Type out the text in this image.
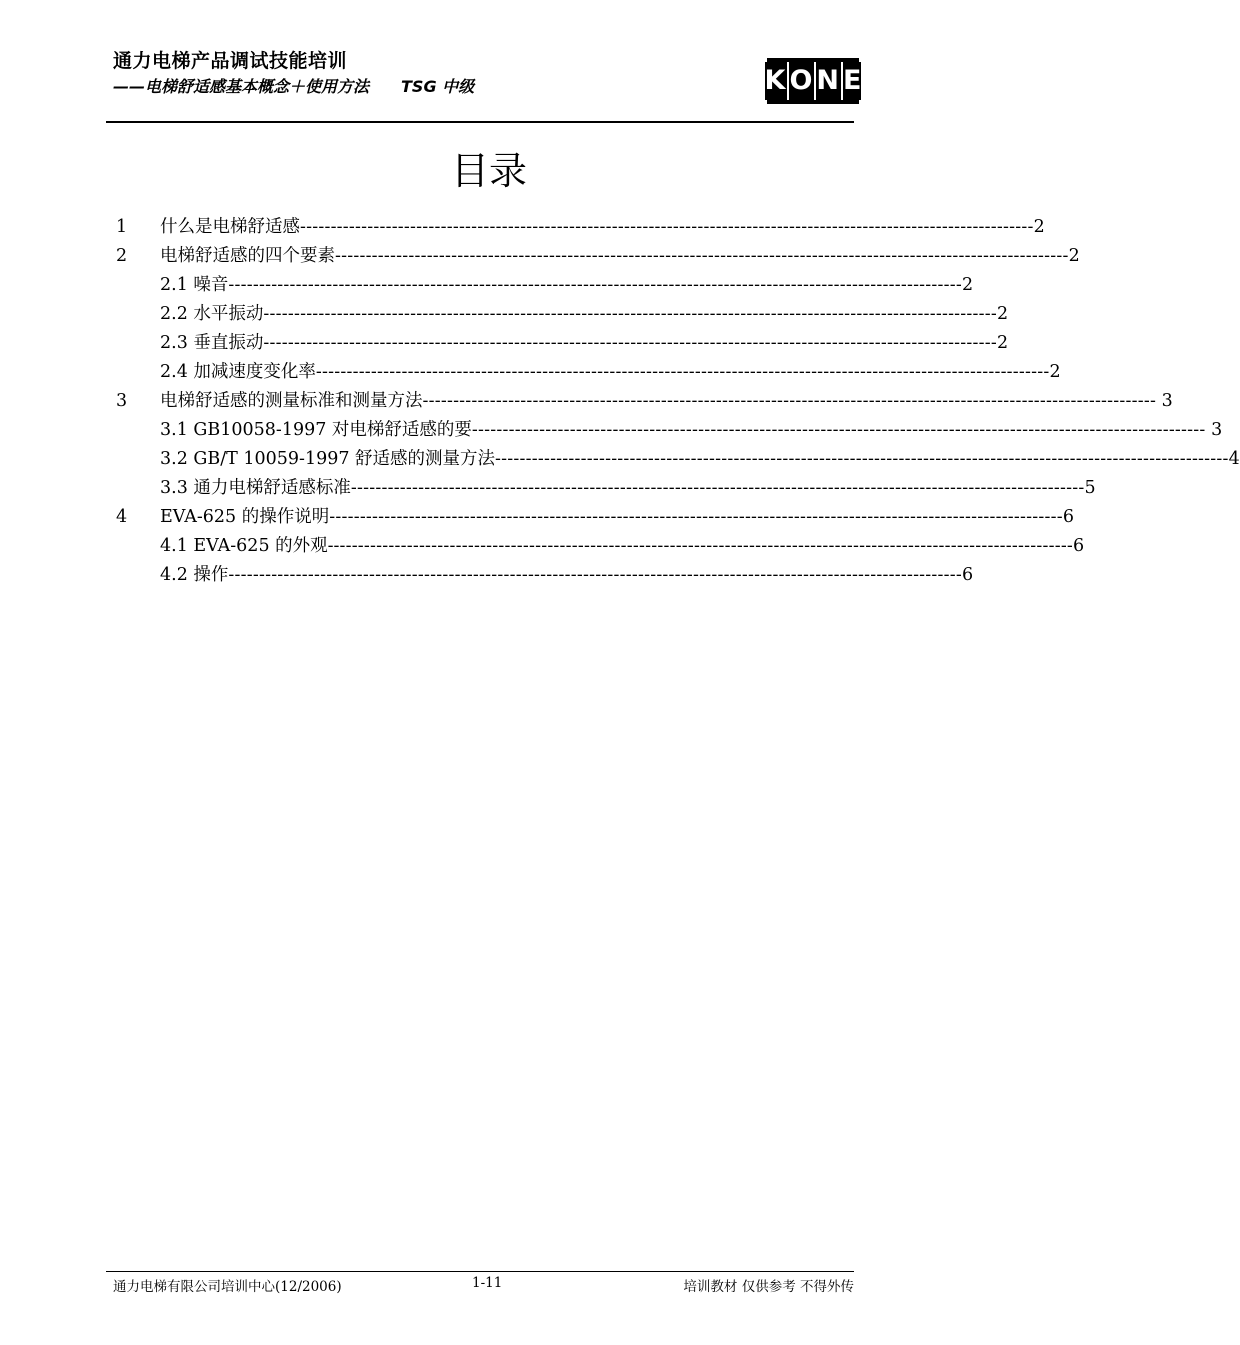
通力电梯产品调试技能培训
——电梯舒适感基本概念＋使用方法 TSG 中级	K O N E
目录
1 什么是电梯舒适感 ------------------------------------------------------------------------------------------------------------------------ 2
2 电梯舒适感的四个要素 ------------------------------------------------------------------------------------------------------------------------ 2
2.1 噪音 ------------------------------------------------------------------------------------------------------------------------ 2
2.2 水平振动 ------------------------------------------------------------------------------------------------------------------------ 2
2.3 垂直振动 ------------------------------------------------------------------------------------------------------------------------ 2
2.4 加减速度变化率 ------------------------------------------------------------------------------------------------------------------------ 2
3 电梯舒适感的测量标准和测量方法 ------------------------------------------------------------------------------------------------------------------------ 3
3.1 GB10058-1997 对电梯舒适感的要 ------------------------------------------------------------------------------------------------------------------------ 3
3.2 GB/T 10059-1997 舒适感的测量方法 ------------------------------------------------------------------------------------------------------------------------ 4
3.3 通力电梯舒适感标准 ------------------------------------------------------------------------------------------------------------------------ 5
4 EVA-625 的操作说明 ------------------------------------------------------------------------------------------------------------------------ 6
4.1 EVA-625 的外观-- ------------------------------------------------------------------------------------------------------------------------ 6
4.2 操作 ------------------------------------------------------------------------------------------------------------------------ 6
通力电梯有限公司培训中心(12/2006)	1-11	培训教材 仅供参考 不得外传
